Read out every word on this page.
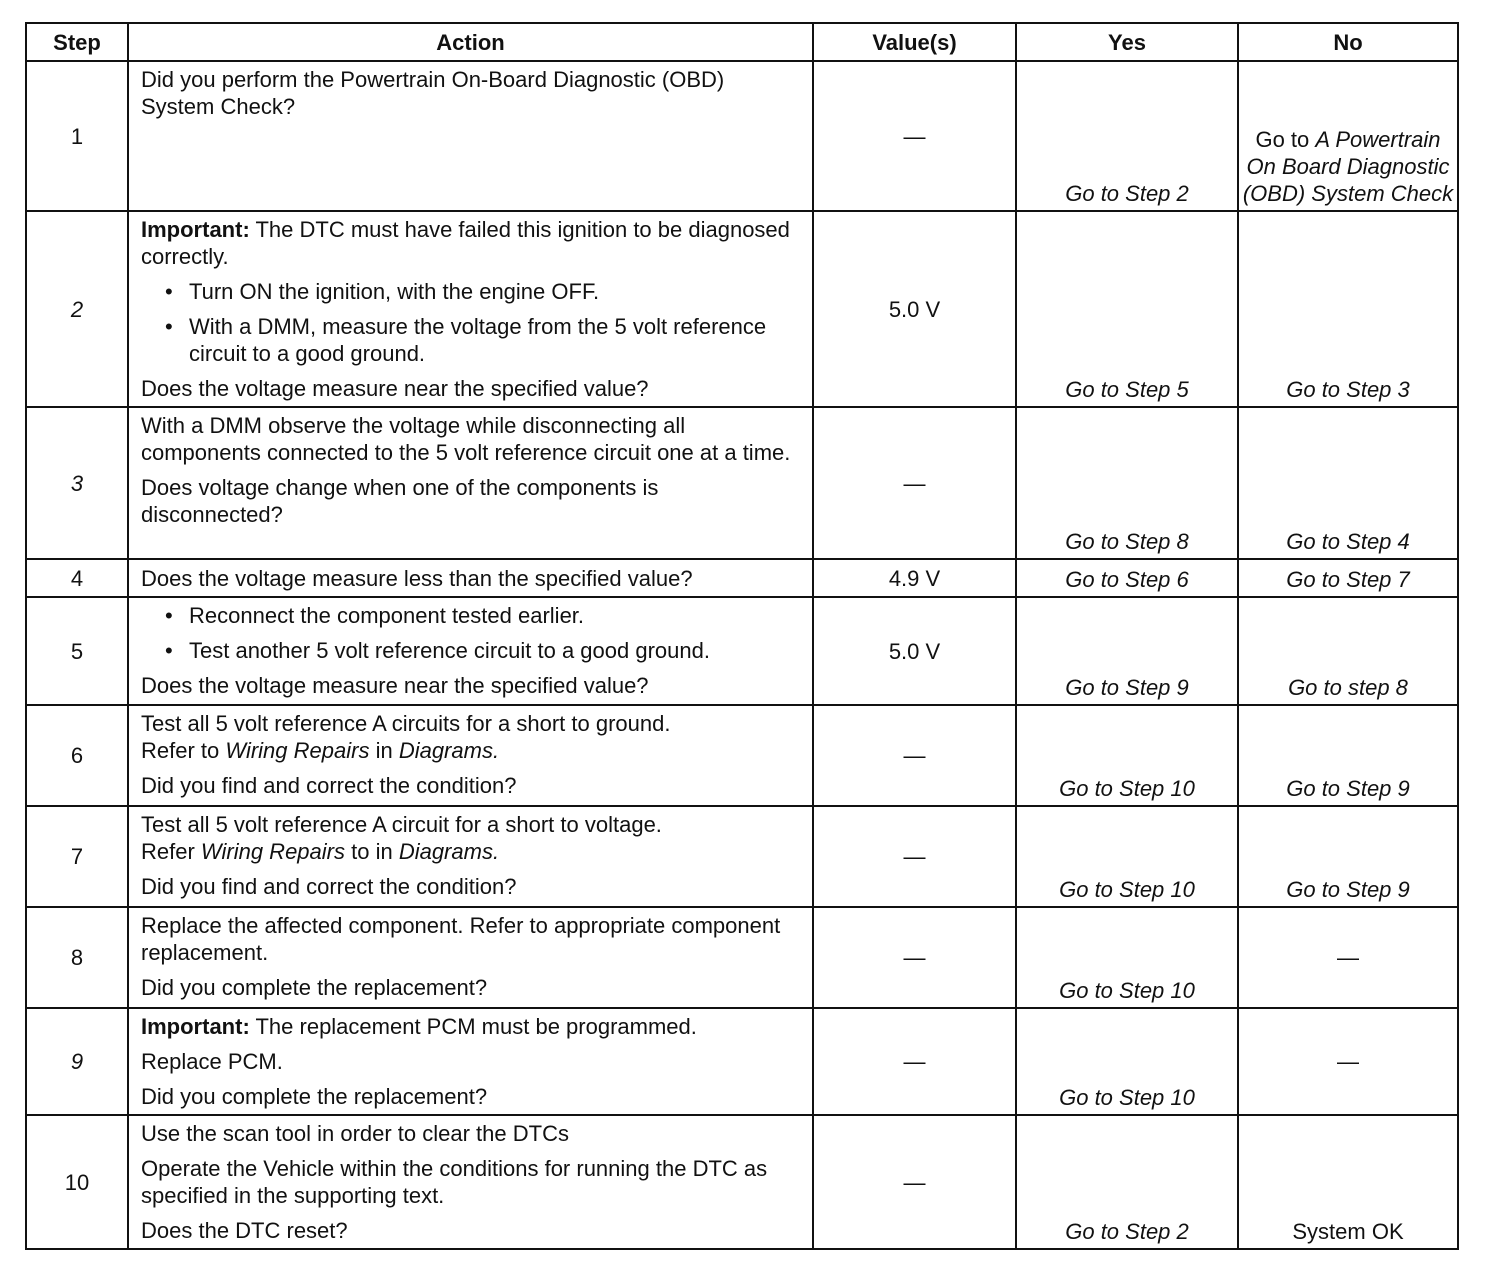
Step	Action	Value(s)	Yes	No
1	Did you perform the Powertrain On-Board Diagnostic (OBD) System Check?	—	Go to Step 2	Go to A Powertrain On Board Diagnostic (OBD) System Check
2	Important: The DTC must have failed this ignition to be diagnosed correctly.
• Turn ON the ignition, with the engine OFF.
• With a DMM, measure the voltage from the 5 volt reference circuit to a good ground.
Does the voltage measure near the specified value?	5.0 V	Go to Step 5	Go to Step 3
3	With a DMM observe the voltage while disconnecting all components connected to the 5 volt reference circuit one at a time.
Does voltage change when one of the components is disconnected?	—	Go to Step 8	Go to Step 4
4	Does the voltage measure less than the specified value?	4.9 V	Go to Step 6	Go to Step 7
5	• Reconnect the component tested earlier.
• Test another 5 volt reference circuit to a good ground.
Does the voltage measure near the specified value?	5.0 V	Go to Step 9	Go to step 8
6	Test all 5 volt reference A circuits for a short to ground.
Refer to Wiring Repairs in Diagrams.
Did you find and correct the condition?	—	Go to Step 10	Go to Step 9
7	Test all 5 volt reference A circuit for a short to voltage.
Refer Wiring Repairs to in Diagrams.
Did you find and correct the condition?	—	Go to Step 10	Go to Step 9
8	Replace the affected component. Refer to appropriate component replacement.
Did you complete the replacement?	—	Go to Step 10	—
9	Important: The replacement PCM must be programmed.
Replace PCM.
Did you complete the replacement?	—	Go to Step 10	—
10	Use the scan tool in order to clear the DTCs
Operate the Vehicle within the conditions for running the DTC as specified in the supporting text.
Does the DTC reset?	—	Go to Step 2	System OK
